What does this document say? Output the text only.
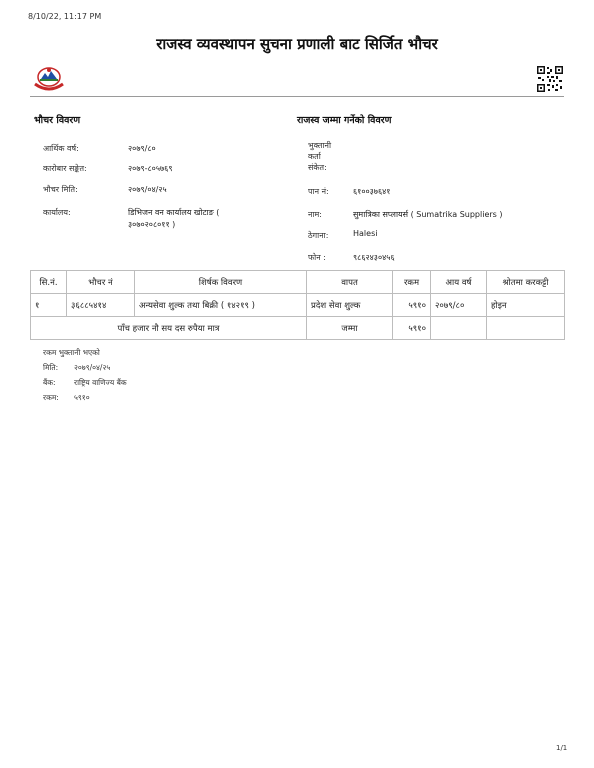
8/10/22, 11:17 PM
राजस्व व्यवस्थापन सुचना प्रणाली बाट सिर्जित भौचर
भौचर विवरण
आर्थिक वर्ष:	२०७९/८०
कारोबार सङ्केत:	२०७९-८०५७६९
भौचर मिति:	२०७९/०४/२५
कार्यालय:	डिभिजन वन कार्यालय खोटाङ (
३०७०२०८०११ )
राजस्व जम्मा गर्नेको विवरण
भुक्तानी
कर्ता
संकेत:
पान नं:	६१००३७६४१
नाम:	सुमात्रिका सप्लायर्स ( Sumatrika Suppliers )
ठेगाना:	Halesi
फोन :	९८६२४३०४५६
सि.नं.	भौचर नं	शिर्षक विवरण	वापत	रकम	आय वर्ष	श्रोतमा करकट्टी
१	३६८८५४१४	अन्यसेवा शुल्क तथा बिक्री ( १४२१९ )	प्रदेश सेवा शुल्क	५९१०	२०७९/८०	होइन
पाँच हजार नौ सय दस रुपैया मात्र			जम्मा	५९१०		
रकम भुक्तानी भएको
मिति: २०७९/०४/२५
बैंक: राष्ट्रिय वाणिज्य बैंक
रकम: ५९१०
1/1
